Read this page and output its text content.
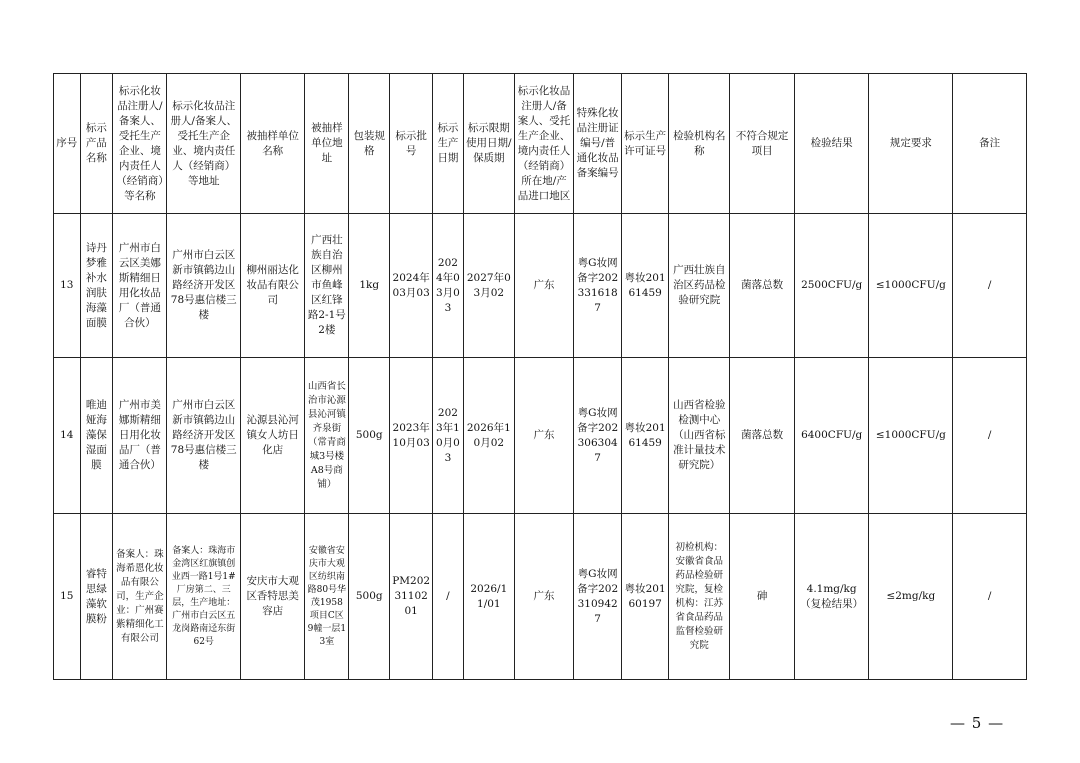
序号	标示产品名称	标示化妆品注册人/备案人、受托生产企业、境内责任人（经销商）等名称	标示化妆品注册人/备案人、受托生产企业、境内责任人（经销商）等地址	被抽样单位名称	被抽样单位地址	包装规格	标示批号	标示生产日期	标示限期使用日期/保质期	标示化妆品注册人/备案人、受托生产企业、境内责任人（经销商）所在地/产品进口地区	特殊化妆品注册证编号/普通化妆品备案编号	标示生产许可证号	检验机构名称	不符合规定项目	检验结果	规定要求	备注
13	诗丹梦雅补水润肤海藻面膜	广州市白云区美娜斯精细日用化妆品厂（普通合伙）	广州市白云区新市镇鹤边山路经济开发区78号惠信楼三楼	柳州丽达化妆品有限公司	广西壮族自治区柳州市鱼峰区红锋路2-1号2楼	1kg	2024年03月03	2024年03月03	2027年03月02	广东	粤G妆网备字2023316187	粤妆20161459	广西壮族自治区药品检验研究院	菌落总数	2500CFU/g	≤1000CFU/g	/
14	唯迪娅海藻保湿面膜	广州市美娜斯精细日用化妆品厂（普通合伙）	广州市白云区新市镇鹤边山路经济开发区78号惠信楼三楼	沁源县沁河镇女人坊日化店	山西省长治市沁源县沁河镇齐泉街（常青商城3号楼A8号商铺）	500g	2023年10月03	2023年10月03	2026年10月02	广东	粤G妆网备字2023063047	粤妆20161459	山西省检验检测中心（山西省标准计量技术研究院）	菌落总数	6400CFU/g	≤1000CFU/g	/
15	睿特思绿藻软膜粉	备案人：珠海希恩化妆品有限公司，生产企业：广州赛紫精细化工有限公司	备案人：珠海市金湾区红旗镇创业西一路1号1#厂房第二、三层，生产地址：广州市白云区五龙岗路南迳东街62号	安庆市大观区香特思美容店	安徽省安庆市大观区纺织南路80号华茂1958项目C区9幢一层13室	500g	PM2023110201	/	2026/11/01	广东	粤G妆网备字2023109427	粤妆20160197	初检机构：安徽省食品药品检验研究院，复检机构：江苏省食品药品监督检验研究院	砷	4.1mg/kg（复检结果）	≤2mg/kg	/
— 5 —
